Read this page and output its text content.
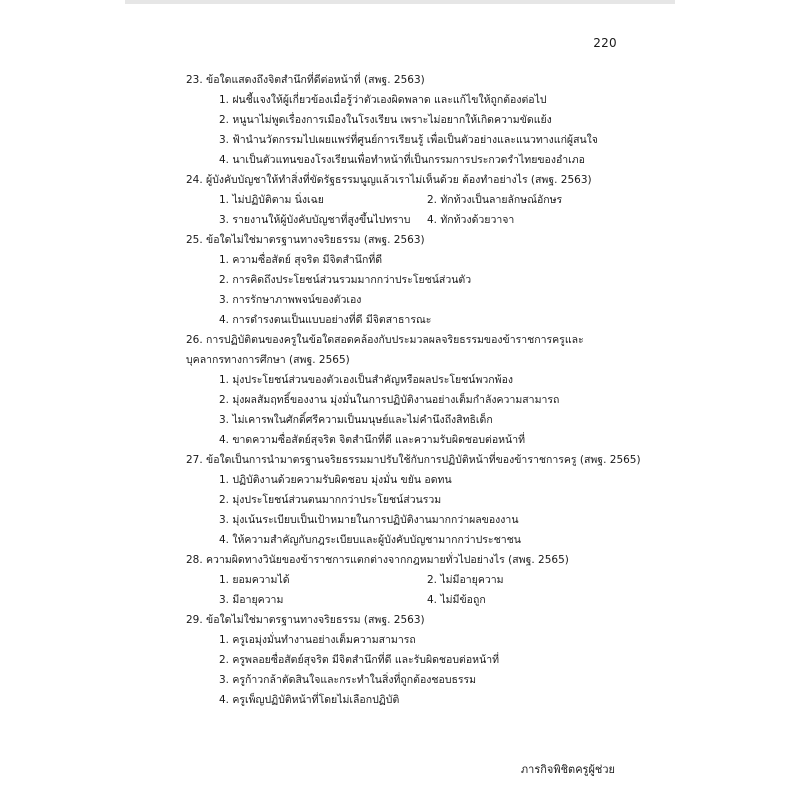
220
23. ข้อใดแสดงถึงจิตสำนึกที่ดีต่อหน้าที่ (สพฐ. 2563)
1. ฝนชี้แจงให้ผู้เกี่ยวข้องเมื่อรู้ว่าตัวเองผิดพลาด และแก้ไขให้ถูกต้องต่อไป
2. หนูนาไม่พูดเรื่องการเมืองในโรงเรียน เพราะไม่อยากให้เกิดความขัดแย้ง
3. ฟ้านำนวัตกรรมไปเผยแพร่ที่ศูนย์การเรียนรู้ เพื่อเป็นตัวอย่างและแนวทางแก่ผู้สนใจ
4. นาเป็นตัวแทนของโรงเรียนเพื่อทำหน้าที่เป็นกรรมการประกวดรำไทยของอำเภอ
24. ผู้บังคับบัญชาให้ทำสิ่งที่ขัดรัฐธรรมนูญแล้วเราไม่เห็นด้วย ต้องทำอย่างไร (สพฐ. 2563)
1. ไม่ปฏิบัติตาม นิ่งเฉย	2. ทักท้วงเป็นลายลักษณ์อักษร
3. รายงานให้ผู้บังคับบัญชาที่สูงขึ้นไปทราบ	4. ทักท้วงด้วยวาจา
25. ข้อใดไม่ใช่มาตรฐานทางจริยธรรม (สพฐ. 2563)
1. ความซื่อสัตย์ สุจริต มีจิตสำนึกที่ดี
2. การคิดถึงประโยชน์ส่วนรวมมากกว่าประโยชน์ส่วนตัว
3. การรักษาภาพพจน์ของตัวเอง
4. การดำรงตนเป็นแบบอย่างที่ดี มีจิตสาธารณะ
26. การปฏิบัติตนของครูในข้อใดสอดคล้องกับประมวลผลจริยธรรมของข้าราชการครูและบุคลากรทางการศึกษา (สพฐ. 2565)
1. มุ่งประโยชน์ส่วนของตัวเองเป็นสำคัญหรือผลประโยชน์พวกพ้อง
2. มุ่งผลสัมฤทธิ์ของงาน มุ่งมั่นในการปฏิบัติงานอย่างเต็มกำลังความสามารถ
3. ไม่เคารพในศักดิ์ศรีความเป็นมนุษย์และไม่คำนึงถึงสิทธิเด็ก
4. ขาดความซื่อสัตย์สุจริต จิตสำนึกที่ดี และความรับผิดชอบต่อหน้าที่
27. ข้อใดเป็นการนำมาตรฐานจริยธรรมมาปรับใช้กับการปฏิบัติหน้าที่ของข้าราชการครู (สพฐ. 2565)
1. ปฏิบัติงานด้วยความรับผิดชอบ มุ่งมั่น ขยัน อดทน
2. มุ่งประโยชน์ส่วนตนมากกว่าประโยชน์ส่วนรวม
3. มุ่งเน้นระเบียบเป็นเป้าหมายในการปฏิบัติงานมากกว่าผลของงาน
4. ให้ความสำคัญกับกฎระเบียบและผู้บังคับบัญชามากกว่าประชาชน
28. ความผิดทางวินัยของข้าราชการแตกต่างจากกฎหมายทั่วไปอย่างไร (สพฐ. 2565)
1. ยอมความได้	2. ไม่มีอายุความ
3. มีอายุความ	4. ไม่มีข้อถูก
29. ข้อใดไม่ใช่มาตรฐานทางจริยธรรม (สพฐ. 2563)
1. ครูเอมุ่งมั่นทำงานอย่างเต็มความสามารถ
2. ครูพลอยซื่อสัตย์สุจริต มีจิตสำนึกที่ดี และรับผิดชอบต่อหน้าที่
3. ครูก้าวกล้าตัดสินใจและกระทำในสิ่งที่ถูกต้องชอบธรรม
4. ครูเพ็ญปฏิบัติหน้าที่โดยไม่เลือกปฏิบัติ
ภารกิจพิชิตครูผู้ช่วย
